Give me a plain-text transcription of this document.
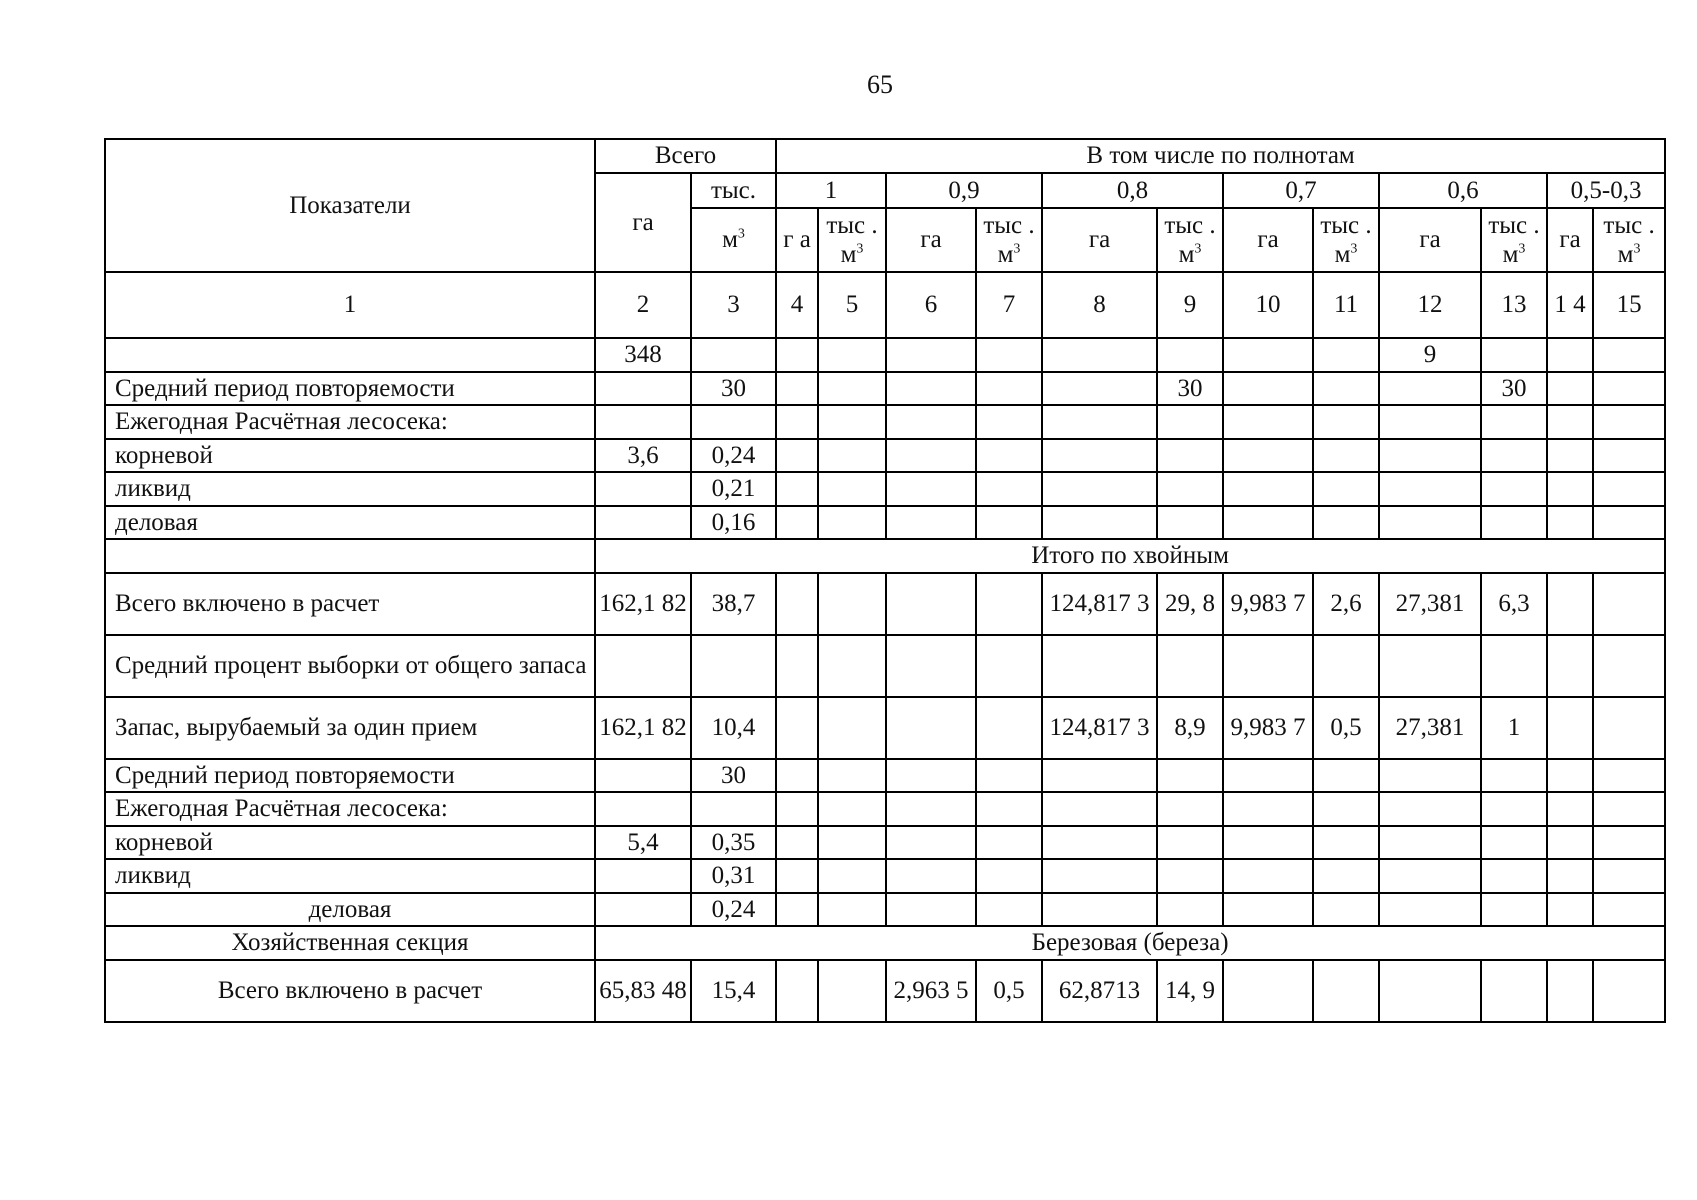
65
Показатели	Всего		В том числе по полнотам											
	га	тыс.	1		0,9		0,8		0,7		0,6		0,5-0,3	
		$м^3$	г а	тыс . $м^3$	га	тыс . $м^3$	га	тыс . $м^3$	га	тыс . $м^3$	га	тыс . $м^3$	га	тыс . $м^3$
1	2	3	4	5	6	7	8	9	10	11	12	13	1 4	15
	348										9			
Средний период повторяемости		30						30				30		
Ежегодная Расчётная лесосека:														
корневой	3,6	0,24												
ликвид		0,21												
деловая		0,16												
	Итого по хвойным													
Всего включено в расчет	162,1 82	38,7					124,817 3	29, 8	9,983 7	2,6	27,381	6,3		
Средний процент выборки от общего запаса														
Запас, вырубаемый за один прием	162,1 82	10,4					124,817 3	8,9	9,983 7	0,5	27,381	1		
Средний период повторяемости		30												
Ежегодная Расчётная лесосека:														
корневой	5,4	0,35												
ликвид		0,31												
деловая		0,24												
Хозяйственная секция	Березовая (береза)													
Всего включено в расчет	65,83 48	15,4			2,963 5	0,5	62,8713	14, 9						
